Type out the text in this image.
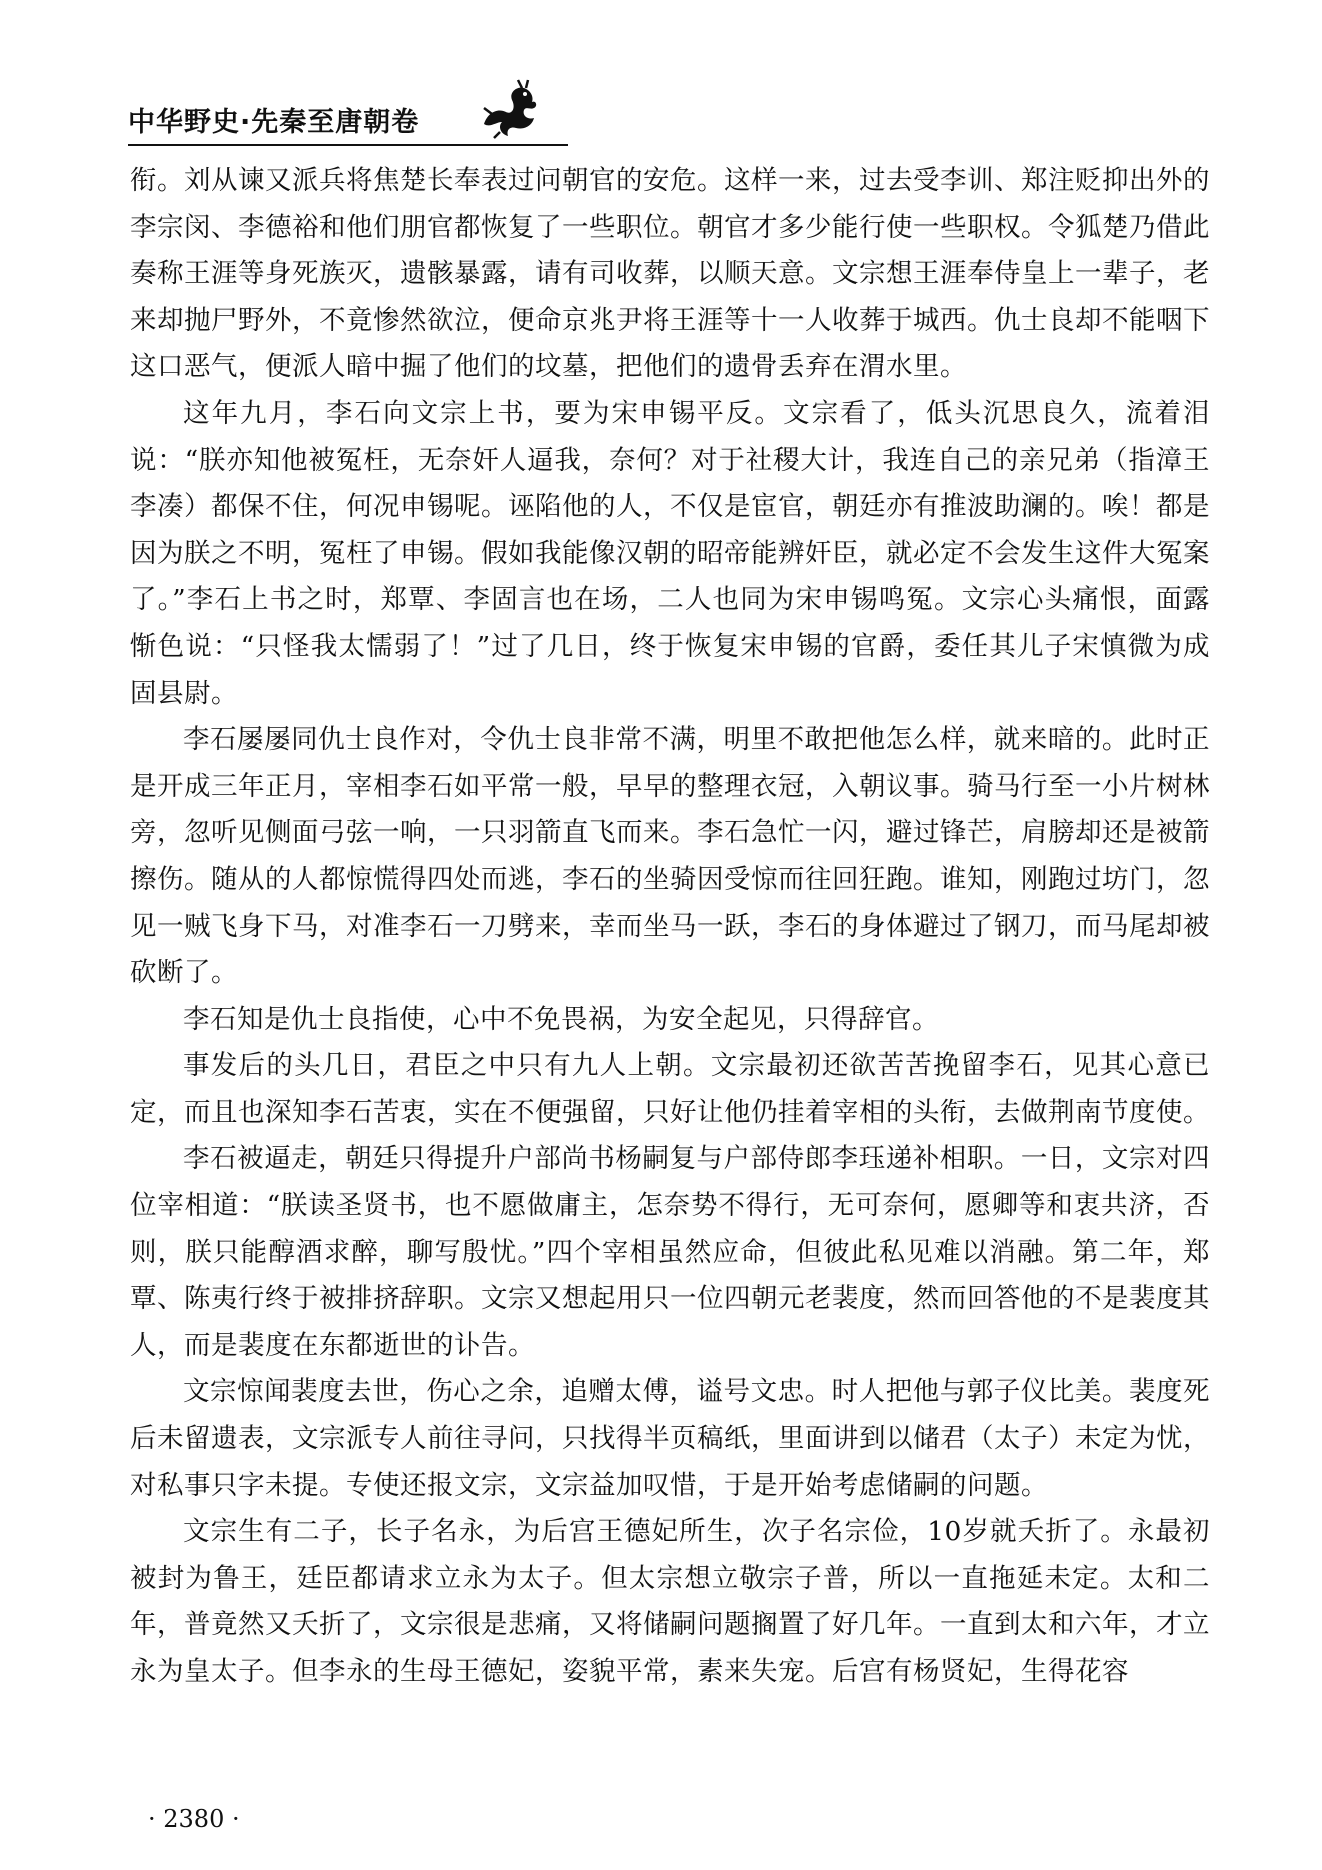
中华野史·先秦至唐朝卷

衔。刘从谏又派兵将焦楚长奉表过问朝官的安危。这样一来，过去受李训、郑注贬抑出外的李宗闵、李德裕和他们朋官都恢复了一些职位。朝官才多少能行使一些职权。令狐楚乃借此奏称王涯等身死族灭，遗骸暴露，请有司收葬，以顺天意。文宗想王涯奉侍皇上一辈子，老来却抛尸野外，不竟惨然欲泣，便命京兆尹将王涯等十一人收葬于城西。仇士良却不能咽下这口恶气，便派人暗中掘了他们的坟墓，把他们的遗骨丢弃在渭水里。

这年九月，李石向文宗上书，要为宋申锡平反。文宗看了，低头沉思良久，流着泪说：“朕亦知他被冤枉，无奈奸人逼我，奈何？对于社稷大计，我连自己的亲兄弟（指漳王李凑）都保不住，何况申锡呢。诬陷他的人，不仅是宦官，朝廷亦有推波助澜的。唉！都是因为朕之不明，冤枉了申锡。假如我能像汉朝的昭帝能辨奸臣，就必定不会发生这件大冤案了。”李石上书之时，郑覃、李固言也在场，二人也同为宋申锡鸣冤。文宗心头痛恨，面露惭色说：“只怪我太懦弱了！”过了几日，终于恢复宋申锡的官爵，委任其儿子宋慎微为成固县尉。

李石屡屡同仇士良作对，令仇士良非常不满，明里不敢把他怎么样，就来暗的。此时正是开成三年正月，宰相李石如平常一般，早早的整理衣冠，入朝议事。骑马行至一小片树林旁，忽听见侧面弓弦一响，一只羽箭直飞而来。李石急忙一闪，避过锋芒，肩膀却还是被箭擦伤。随从的人都惊慌得四处而逃，李石的坐骑因受惊而往回狂跑。谁知，刚跑过坊门，忽见一贼飞身下马，对准李石一刀劈来，幸而坐马一跃，李石的身体避过了钢刀，而马尾却被砍断了。

李石知是仇士良指使，心中不免畏祸，为安全起见，只得辞官。

事发后的头几日，君臣之中只有九人上朝。文宗最初还欲苦苦挽留李石，见其心意已定，而且也深知李石苦衷，实在不便强留，只好让他仍挂着宰相的头衔，去做荆南节度使。

李石被逼走，朝廷只得提升户部尚书杨嗣复与户部侍郎李珏递补相职。一日，文宗对四位宰相道：“朕读圣贤书，也不愿做庸主，怎奈势不得行，无可奈何，愿卿等和衷共济，否则，朕只能醇酒求醉，聊写殷忧。”四个宰相虽然应命，但彼此私见难以消融。第二年，郑覃、陈夷行终于被排挤辞职。文宗又想起用只一位四朝元老裴度，然而回答他的不是裴度其人，而是裴度在东都逝世的讣告。

文宗惊闻裴度去世，伤心之余，追赠太傅，谥号文忠。时人把他与郭子仪比美。裴度死后未留遗表，文宗派专人前往寻问，只找得半页稿纸，里面讲到以储君（太子）未定为忧，对私事只字未提。专使还报文宗，文宗益加叹惜，于是开始考虑储嗣的问题。

文宗生有二子，长子名永，为后宫王德妃所生，次子名宗俭，10岁就夭折了。永最初被封为鲁王，廷臣都请求立永为太子。但太宗想立敬宗子普，所以一直拖延未定。太和二年，普竟然又夭折了，文宗很是悲痛，又将储嗣问题搁置了好几年。一直到太和六年，才立永为皇太子。但李永的生母王德妃，姿貌平常，素来失宠。后宫有杨贤妃，生得花容

· 2380 ·
